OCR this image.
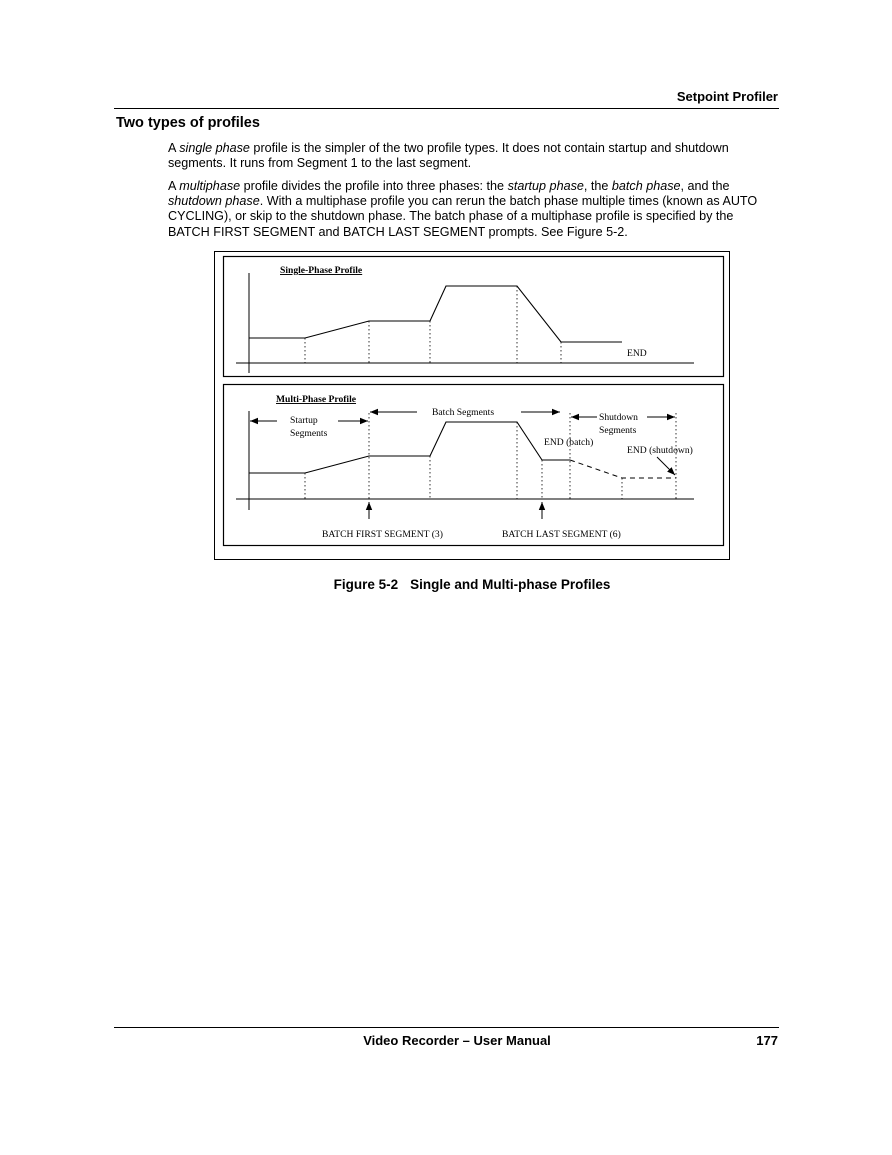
Setpoint Profiler
Two types of profiles
A single phase profile is the simpler of the two profile types. It does not contain startup and shutdown segments. It runs from Segment 1 to the last segment.
A multiphase profile divides the profile into three phases: the startup phase, the batch phase, and the shutdown phase. With a multiphase profile you can rerun the batch phase multiple times (known as AUTO CYCLING), or skip to the shutdown phase. The batch phase of a multiphase profile is specified by the BATCH FIRST SEGMENT and BATCH LAST SEGMENT prompts. See Figure 5-2.
Single-Phase Profile
END
Multi-Phase Profile
Startup
Segments
Batch Segments	Shutdown
Segments
END (batch)
END (shutdown)
BATCH FIRST SEGMENT (3)	BATCH LAST SEGMENT (6)
Figure 5-2 Single and Multi-phase Profiles
Video Recorder – User Manual	177
